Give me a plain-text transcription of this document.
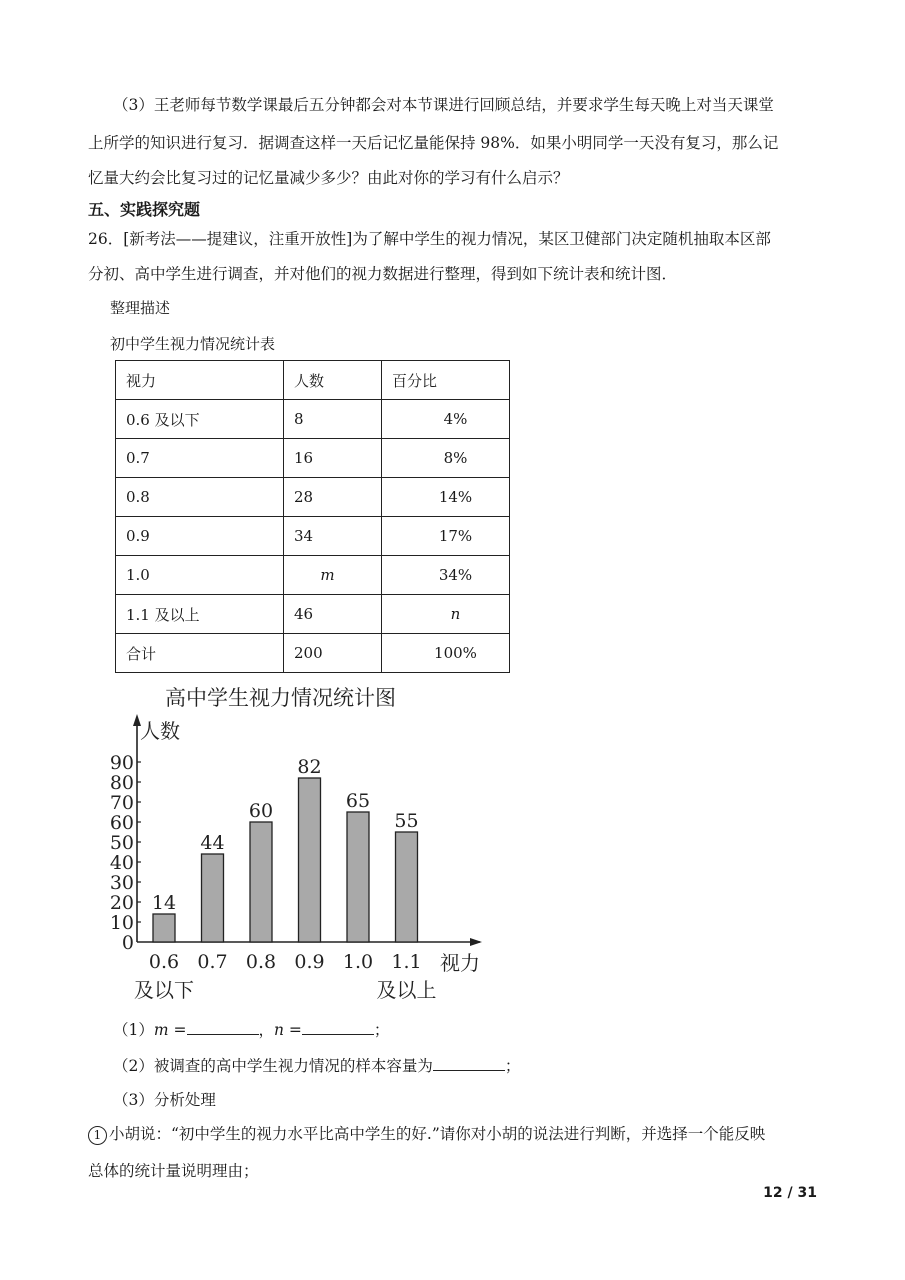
（3）王老师每节数学课最后五分钟都会对本节课进行回顾总结，并要求学生每天晚上对当天课堂
上所学的知识进行复习．据调查这样一天后记忆量能保持 98%．如果小明同学一天没有复习，那么记
忆量大约会比复习过的记忆量减少多少？由此对你的学习有什么启示？
五、实践探究题
26．[新考法——提建议，注重开放性]为了解中学生的视力情况，某区卫健部门决定随机抽取本区部
分初、高中学生进行调查，并对他们的视力数据进行整理，得到如下统计表和统计图．
整理描述
初中学生视力情况统计表
视力	人数	百分比
0.6 及以下	8	4%
0.7	16	8%
0.8	28	14%
0.9	34	17%
1.0	m	34%
1.1 及以上	46	n
合计	200	100%
高中学生视力情况统计图
人数
视力
14
44
60
82
65
55
0
10
20
30
40
50
60
70
80
90
0.6
及以下
0.7 0.8 0.9 1.0 1.1
及以上
（1）m =	，n =	；
（2）被调查的高中学生视力情况的样本容量为	；
（3）分析处理
1 小胡说：“初中学生的视力水平比高中学生的好.”请你对小胡的说法进行判断，并选择一个能反映
总体的统计量说明理由；
12 / 31
